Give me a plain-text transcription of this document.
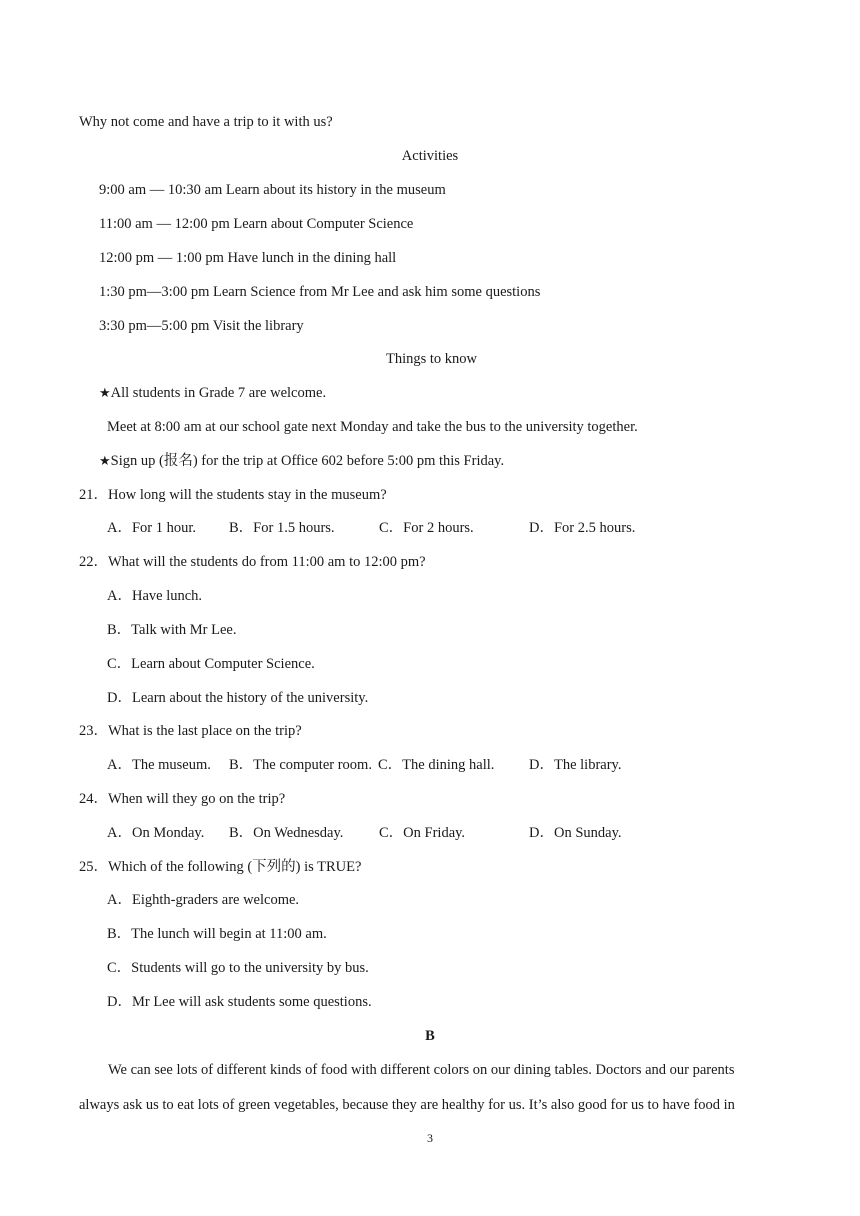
Why not come and have a trip to it with us?
Activities
9:00 am — 10:30 am Learn about its history in the museum
11:00 am — 12:00 pm Learn about Computer Science
12:00 pm — 1:00 pm Have lunch in the dining hall
1:30 pm—3:00 pm Learn Science from Mr Lee and ask him some questions
3:30 pm—5:00 pm Visit the library
Things to know
★All students in Grade 7 are welcome.
Meet at 8:00 am at our school gate next Monday and take the bus to the university together.
★Sign up (报名) for the trip at Office 602 before 5:00 pm this Friday.
21．How long will the students stay in the museum?
A．For 1 hour. B．For 1.5 hours.	C．For 2 hours.	D．For 2.5 hours.
22．What will the students do from 11:00 am to 12:00 pm?
A．Have lunch.
B．Talk with Mr Lee.
C．Learn about Computer Science.
D．Learn about the history of the university.
23．What is the last place on the trip?
A．The museum. B．The computer room. C．The dining hall. D．The library.
24．When will they go on the trip?
A．On Monday. B．On Wednesday. C．On Friday.	D．On Sunday.
25．Which of the following (下列的) is TRUE?
A．Eighth-graders are welcome.
B．The lunch will begin at 11:00 am.
C．Students will go to the university by bus.
D．Mr Lee will ask students some questions.
B
We can see lots of different kinds of food with different colors on our dining tables. Doctors and our parents
always ask us to eat lots of green vegetables, because they are healthy for us. It’s also good for us to have food in
3
